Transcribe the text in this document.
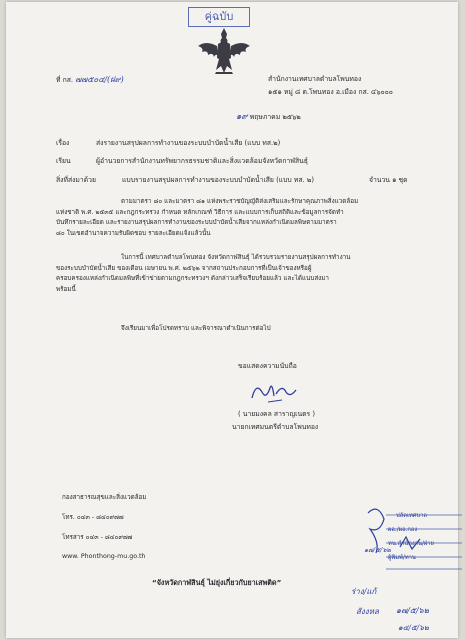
คู่ฉบับ
ที่ กส. ๗๗๕๐๔/(ฝ๙)	สำนักงานเทศบาลตำบลโพนทอง
๑๕๑ หมู่ ๘ ต.โพนทอง อ.เมือง กส. ๔๖๐๐๐
๑๙ พฤษภาคม ๒๕๖๒
เรื่อง	ส่งรายงานสรุปผลการทำงานของระบบบำบัดน้ำเสีย (แบบ ทส.๒)
เรียน	ผู้อำนวยการสำนักงานทรัพยากรธรรมชาติและสิ่งแวดล้อมจังหวัดกาฬสินธุ์
สิ่งที่ส่งมาด้วย	แบบรายงานสรุปผลการทำงานของระบบบำบัดน้ำเสีย (แบบ ทส. ๒)	จำนวน ๑ ชุด

ตามมาตรา ๘๐ และมาตรา ๘๑ แห่งพระราชบัญญัติส่งเสริมและรักษาคุณภาพสิ่งแวดล้อม

แห่งชาติ พ.ศ. ๒๕๓๕ และกฎกระทรวง กำหนด หลักเกณฑ์ วิธีการ และแบบการเก็บสถิติและข้อมูลการจัดทำ

บันทึกรายละเอียด และรายงานสรุปผลการทำงานของระบบบำบัดน้ำเสียจากแหล่งกำเนิดมลพิษตามมาตรา

๘๐ ในเขตอำนาจความรับผิดชอบ รายละเอียดแจ้งแล้วนั้น

ในการนี้ เทศบาลตำบลโพนทอง จังหวัดกาฬสินธุ์ ได้รวบรวมรายงานสรุปผลการทำงาน

ของระบบบำบัดน้ำเสีย ของเดือน เมษายน พ.ศ. ๒๕๖๒ จากสถานประกอบการที่เป็นเจ้าของหรือผู้

ครอบครองแหล่งกำเนิดมลพิษที่เข้าข่ายตามกฎกระทรวงฯ ดังกล่าวเสร็จเรียบร้อยแล้ว และได้แนบส่งมา

พร้อมนี้

จึงเรียนมาเพื่อโปรดทราบ และพิจารณาดำเนินการต่อไป
ขอแสดงความนับถือ
( นายมงคล สาราญเนตร )
นายกเทศมนตรีตำบลโพนทอง
กองสาธารณสุขและสิ่งแวดล้อม
โทร. ๐๔๓ - ๘๔๐๙๗๗
โทรสาร ๐๔๓ - ๘๔๐๙๗๗
www. Phonthong-mu.go.th
“จังหวัดกาฬสินธุ์ ไม่ยุ่งเกี่ยวกับยาเสพติด”
ปลัดเทศบาล
ผอ./ผอ.กอง
หน.สำนักงาน/ฝ่าย
ผู้พิมพ์/ทาน
๑๗/๕/๖๒
ร่าง/แก้
สังงหล ๑๗/๕/๖๒
๑๔/๕/๖๒
